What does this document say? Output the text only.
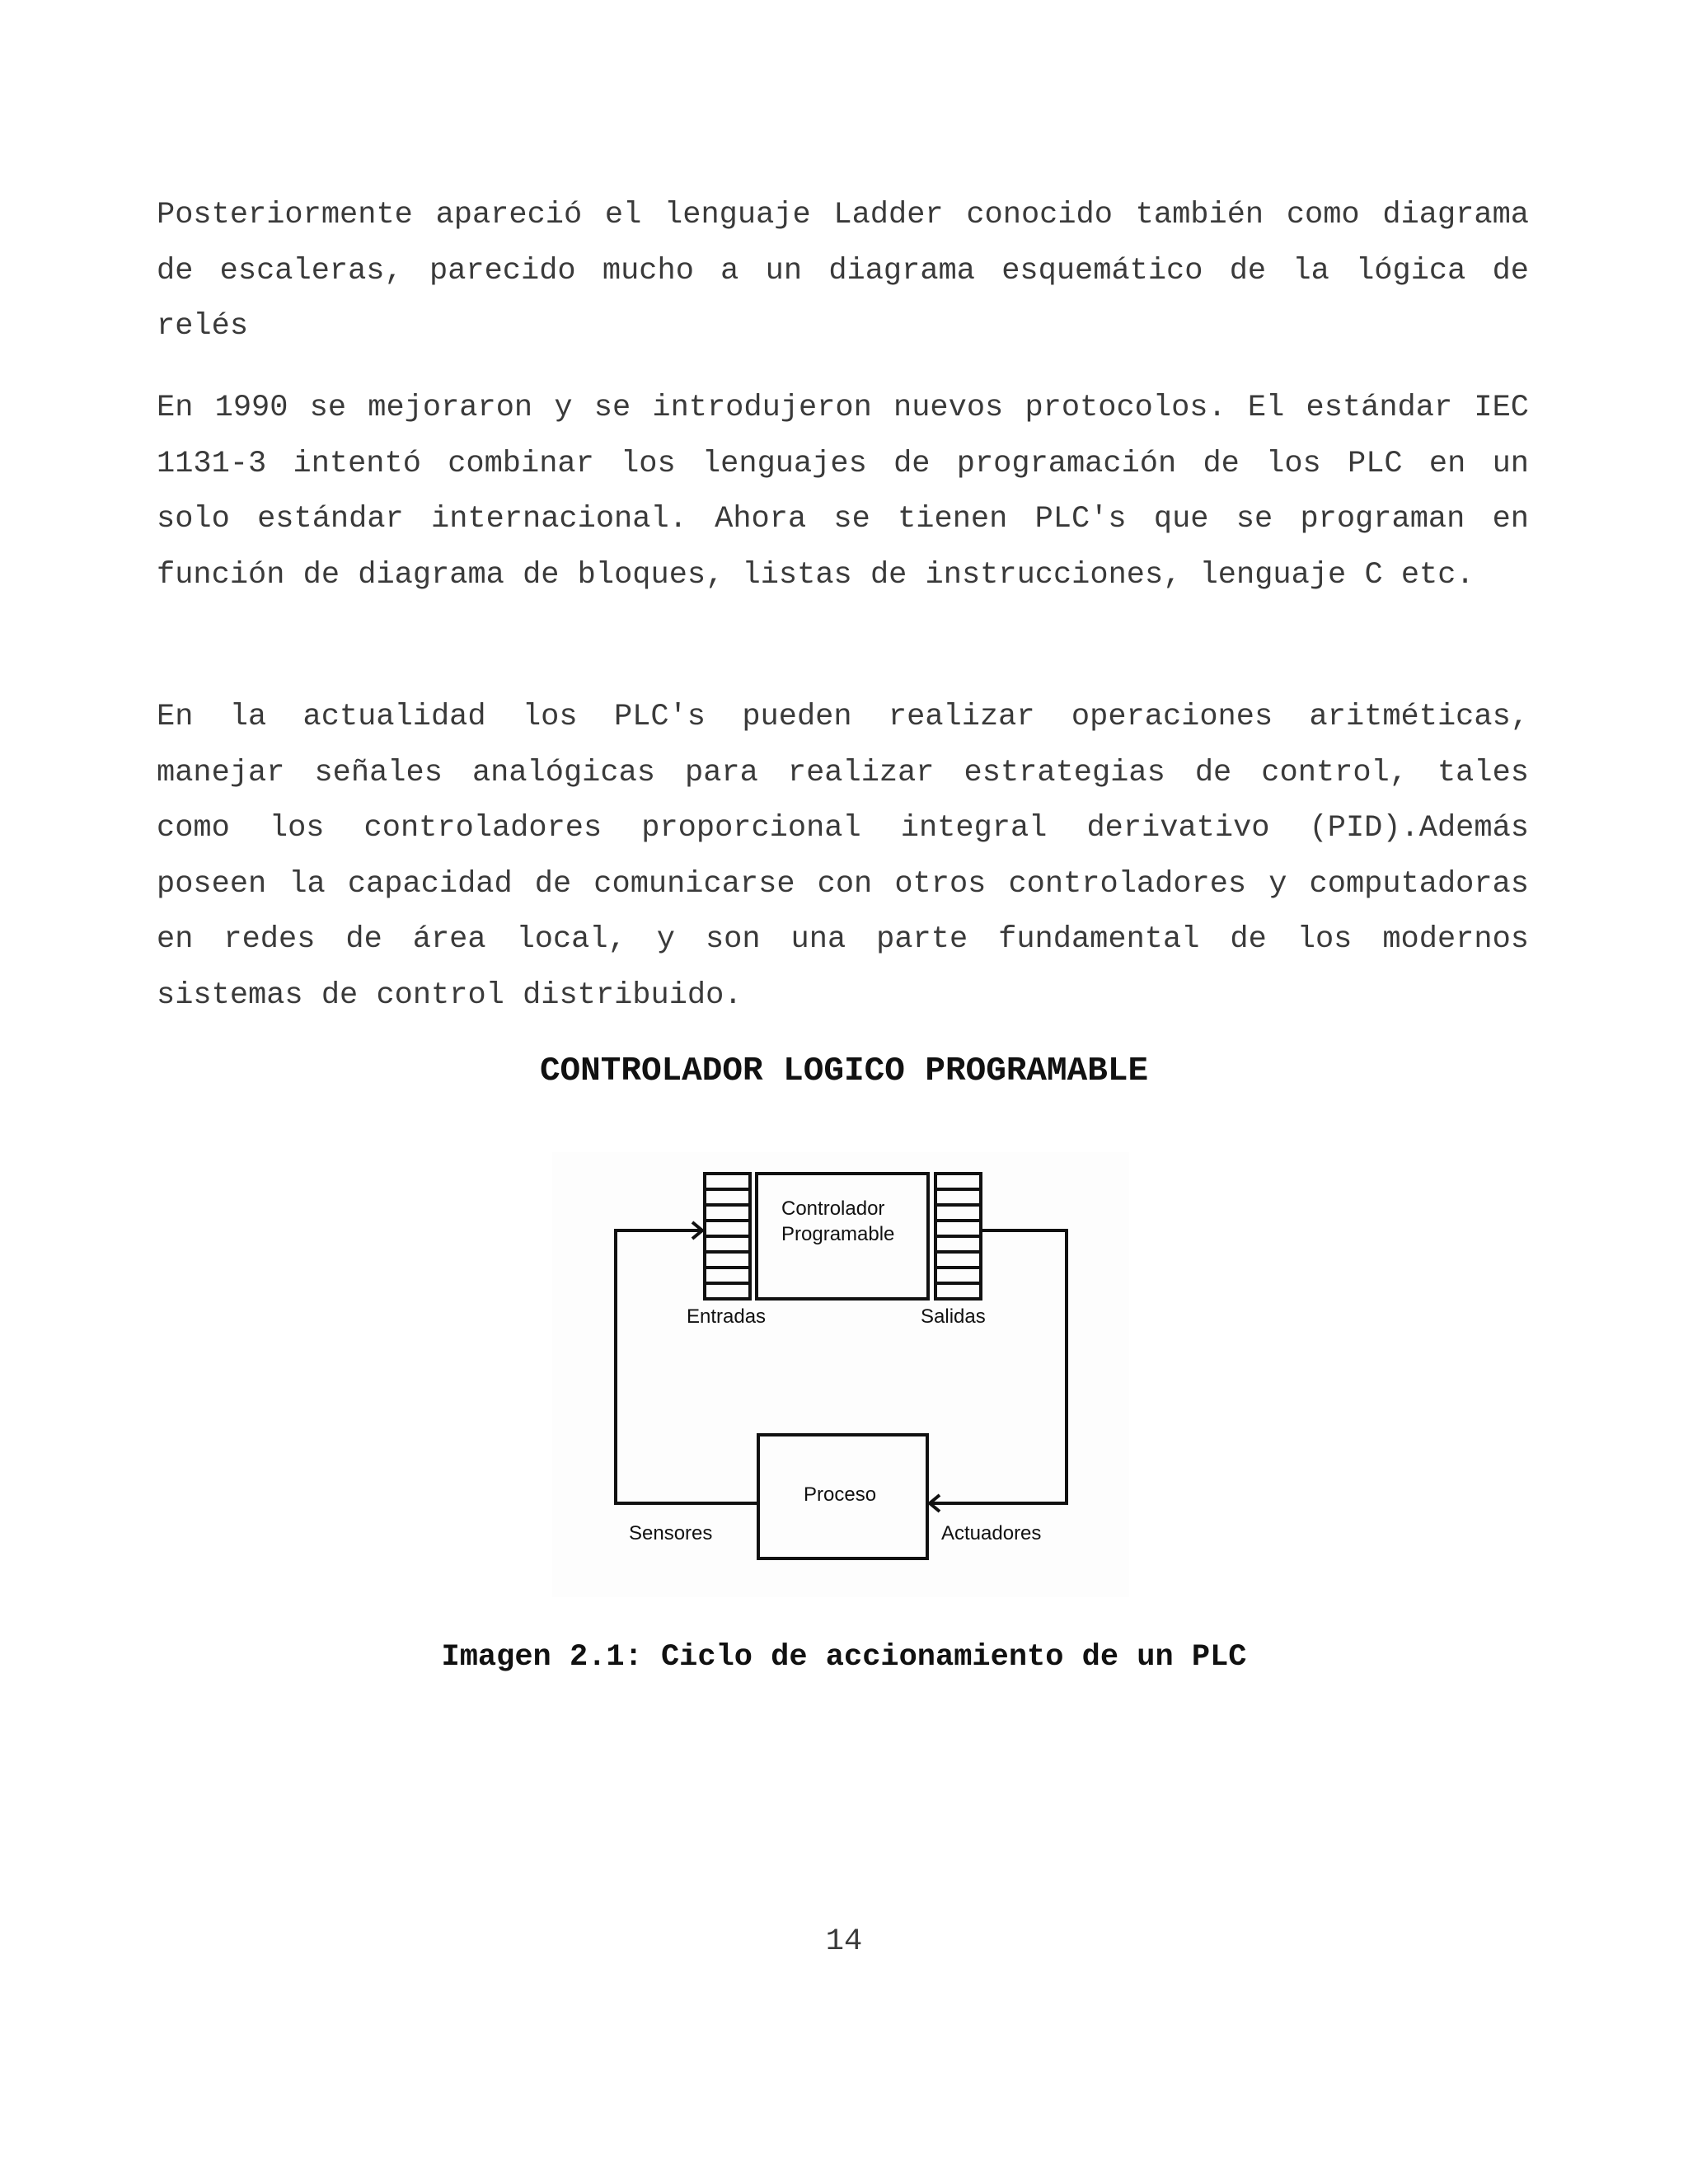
Posteriormente apareció el lenguaje Ladder conocido también como diagrama de escaleras, parecido mucho a un diagrama esquemático de la lógica de relés

En 1990 se mejoraron y se introdujeron nuevos protocolos. El estándar IEC 1131-3 intentó combinar los lenguajes de programación de los PLC en un solo estándar internacional. Ahora se tienen PLC's que se programan en función de diagrama de bloques, listas de instrucciones, lenguaje C etc.

En la actualidad los PLC's pueden realizar operaciones aritméticas, manejar señales analógicas para realizar estrategias de control, tales como los controladores proporcional integral derivativo (PID).Además poseen la capacidad de comunicarse con otros controladores y computadoras en redes de área local, y son una parte fundamental de los modernos sistemas de control distribuido.

CONTROLADOR LOGICO PROGRAMABLE

Controlador
Programable
Entradas	Salidas
Proceso
Sensores	Actuadores

Imagen 2.1: Ciclo de accionamiento de un PLC

14
